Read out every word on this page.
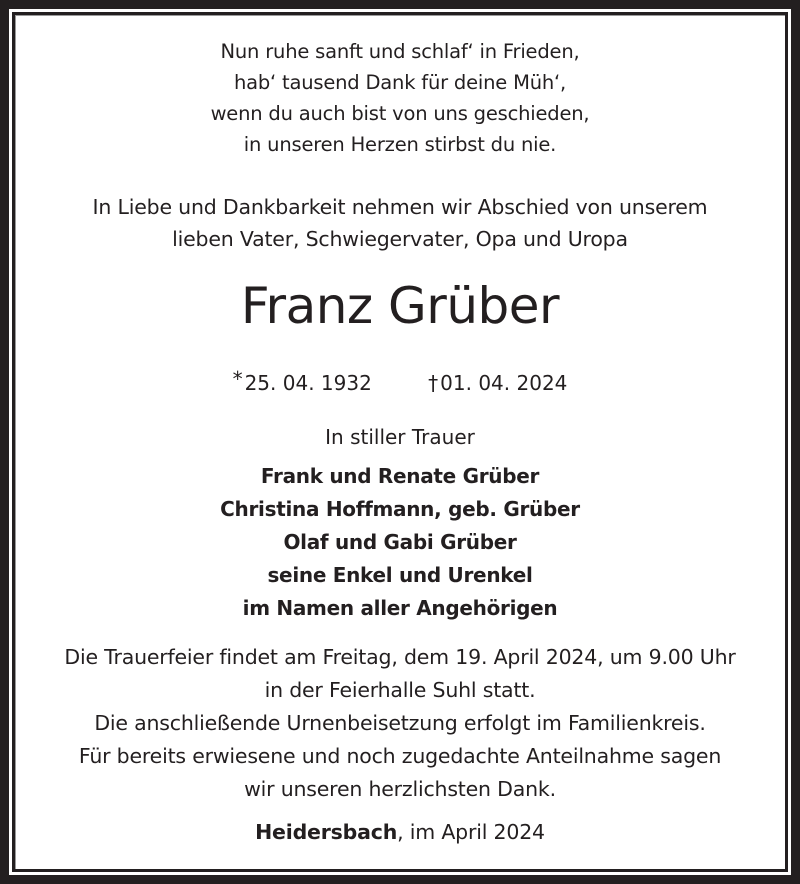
Nun ruhe sanft und schlaf‘ in Frieden,
hab‘ tausend Dank für deine Müh‘,
wenn du auch bist von uns geschieden,
in unseren Herzen stirbst du nie.
In Liebe und Dankbarkeit nehmen wir Abschied von unserem
lieben Vater, Schwiegervater, Opa und Uropa
Franz Grüber
* 25. 04. 1932	† 01. 04. 2024
In stiller Trauer
Frank und Renate Grüber
Christina Hoffmann, geb. Grüber
Olaf und Gabi Grüber
seine Enkel und Urenkel
im Namen aller Angehörigen
Die Trauerfeier findet am Freitag, dem 19. April 2024, um 9.00 Uhr
in der Feierhalle Suhl statt.
Die anschließende Urnenbeisetzung erfolgt im Familienkreis.
Für bereits erwiesene und noch zugedachte Anteilnahme sagen
wir unseren herzlichsten Dank.
Heidersbach, im April 2024
